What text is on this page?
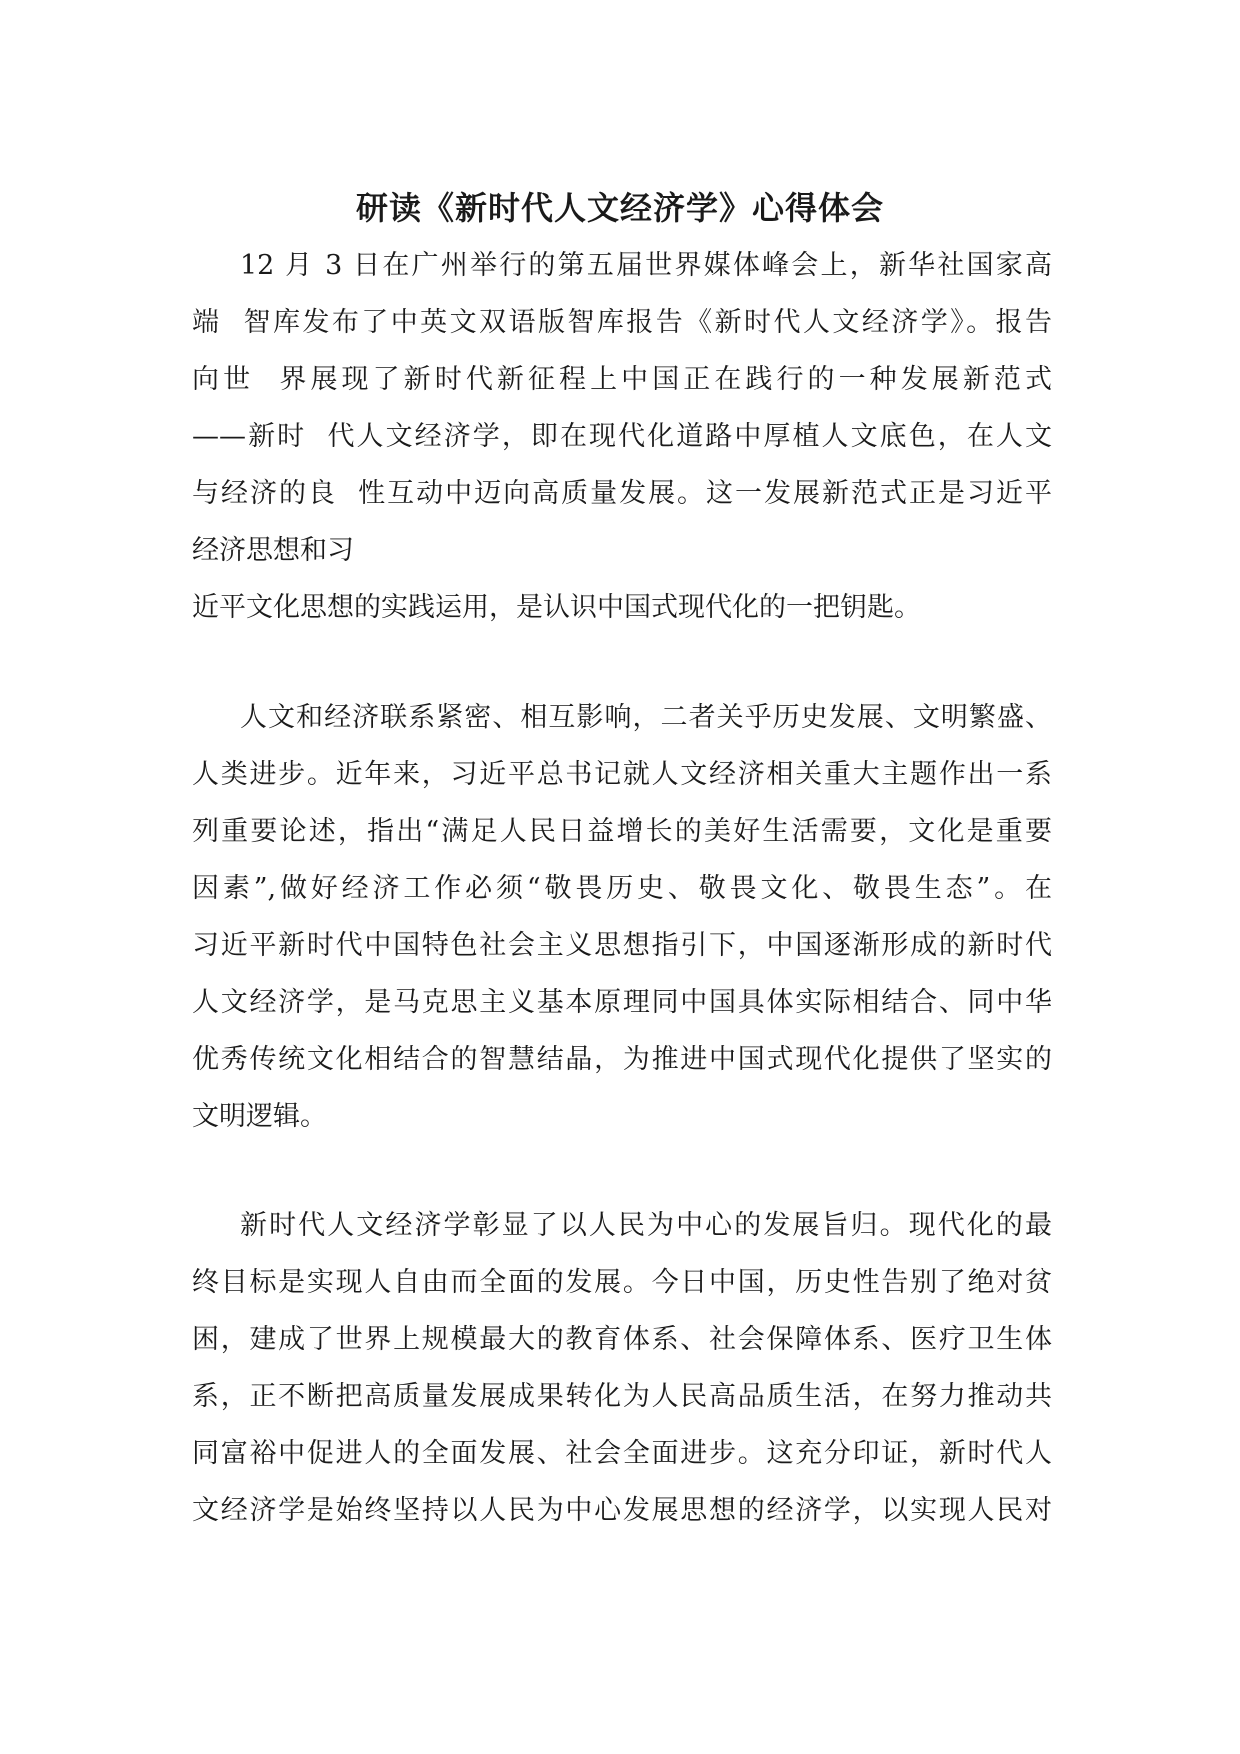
研读《新时代人文经济学》心得体会
12 月 3 日在广州举行的第五届世界媒体峰会上，新华社国家高
端  智库发布了中英文双语版智库报告《新时代人文经济学》。报告
向世  界展现了新时代新征程上中国正在践行的一种发展新范式
——新时  代人文经济学，即在现代化道路中厚植人文底色，在人文
与经济的良  性互动中迈向高质量发展。这一发展新范式正是习近平
经济思想和习
近平文化思想的实践运用，是认识中国式现代化的一把钥匙。
人文和经济联系紧密、相互影响，二者关乎历史发展、文明繁盛、
人类进步。近年来，习近平总书记就人文经济相关重大主题作出一系
列重要论述，指出“满足人民日益增长的美好生活需要，文化是重要
因素”,做好经济工作必须“敬畏历史、敬畏文化、敬畏生态”。在
习近平新时代中国特色社会主义思想指引下，中国逐渐形成的新时代
人文经济学，是马克思主义基本原理同中国具体实际相结合、同中华
优秀传统文化相结合的智慧结晶，为推进中国式现代化提供了坚实的
文明逻辑。
新时代人文经济学彰显了以人民为中心的发展旨归。现代化的最
终目标是实现人自由而全面的发展。今日中国，历史性告别了绝对贫
困，建成了世界上规模最大的教育体系、社会保障体系、医疗卫生体
系，正不断把高质量发展成果转化为人民高品质生活，在努力推动共
同富裕中促进人的全面发展、社会全面进步。这充分印证，新时代人
文经济学是始终坚持以人民为中心发展思想的经济学，以实现人民对
